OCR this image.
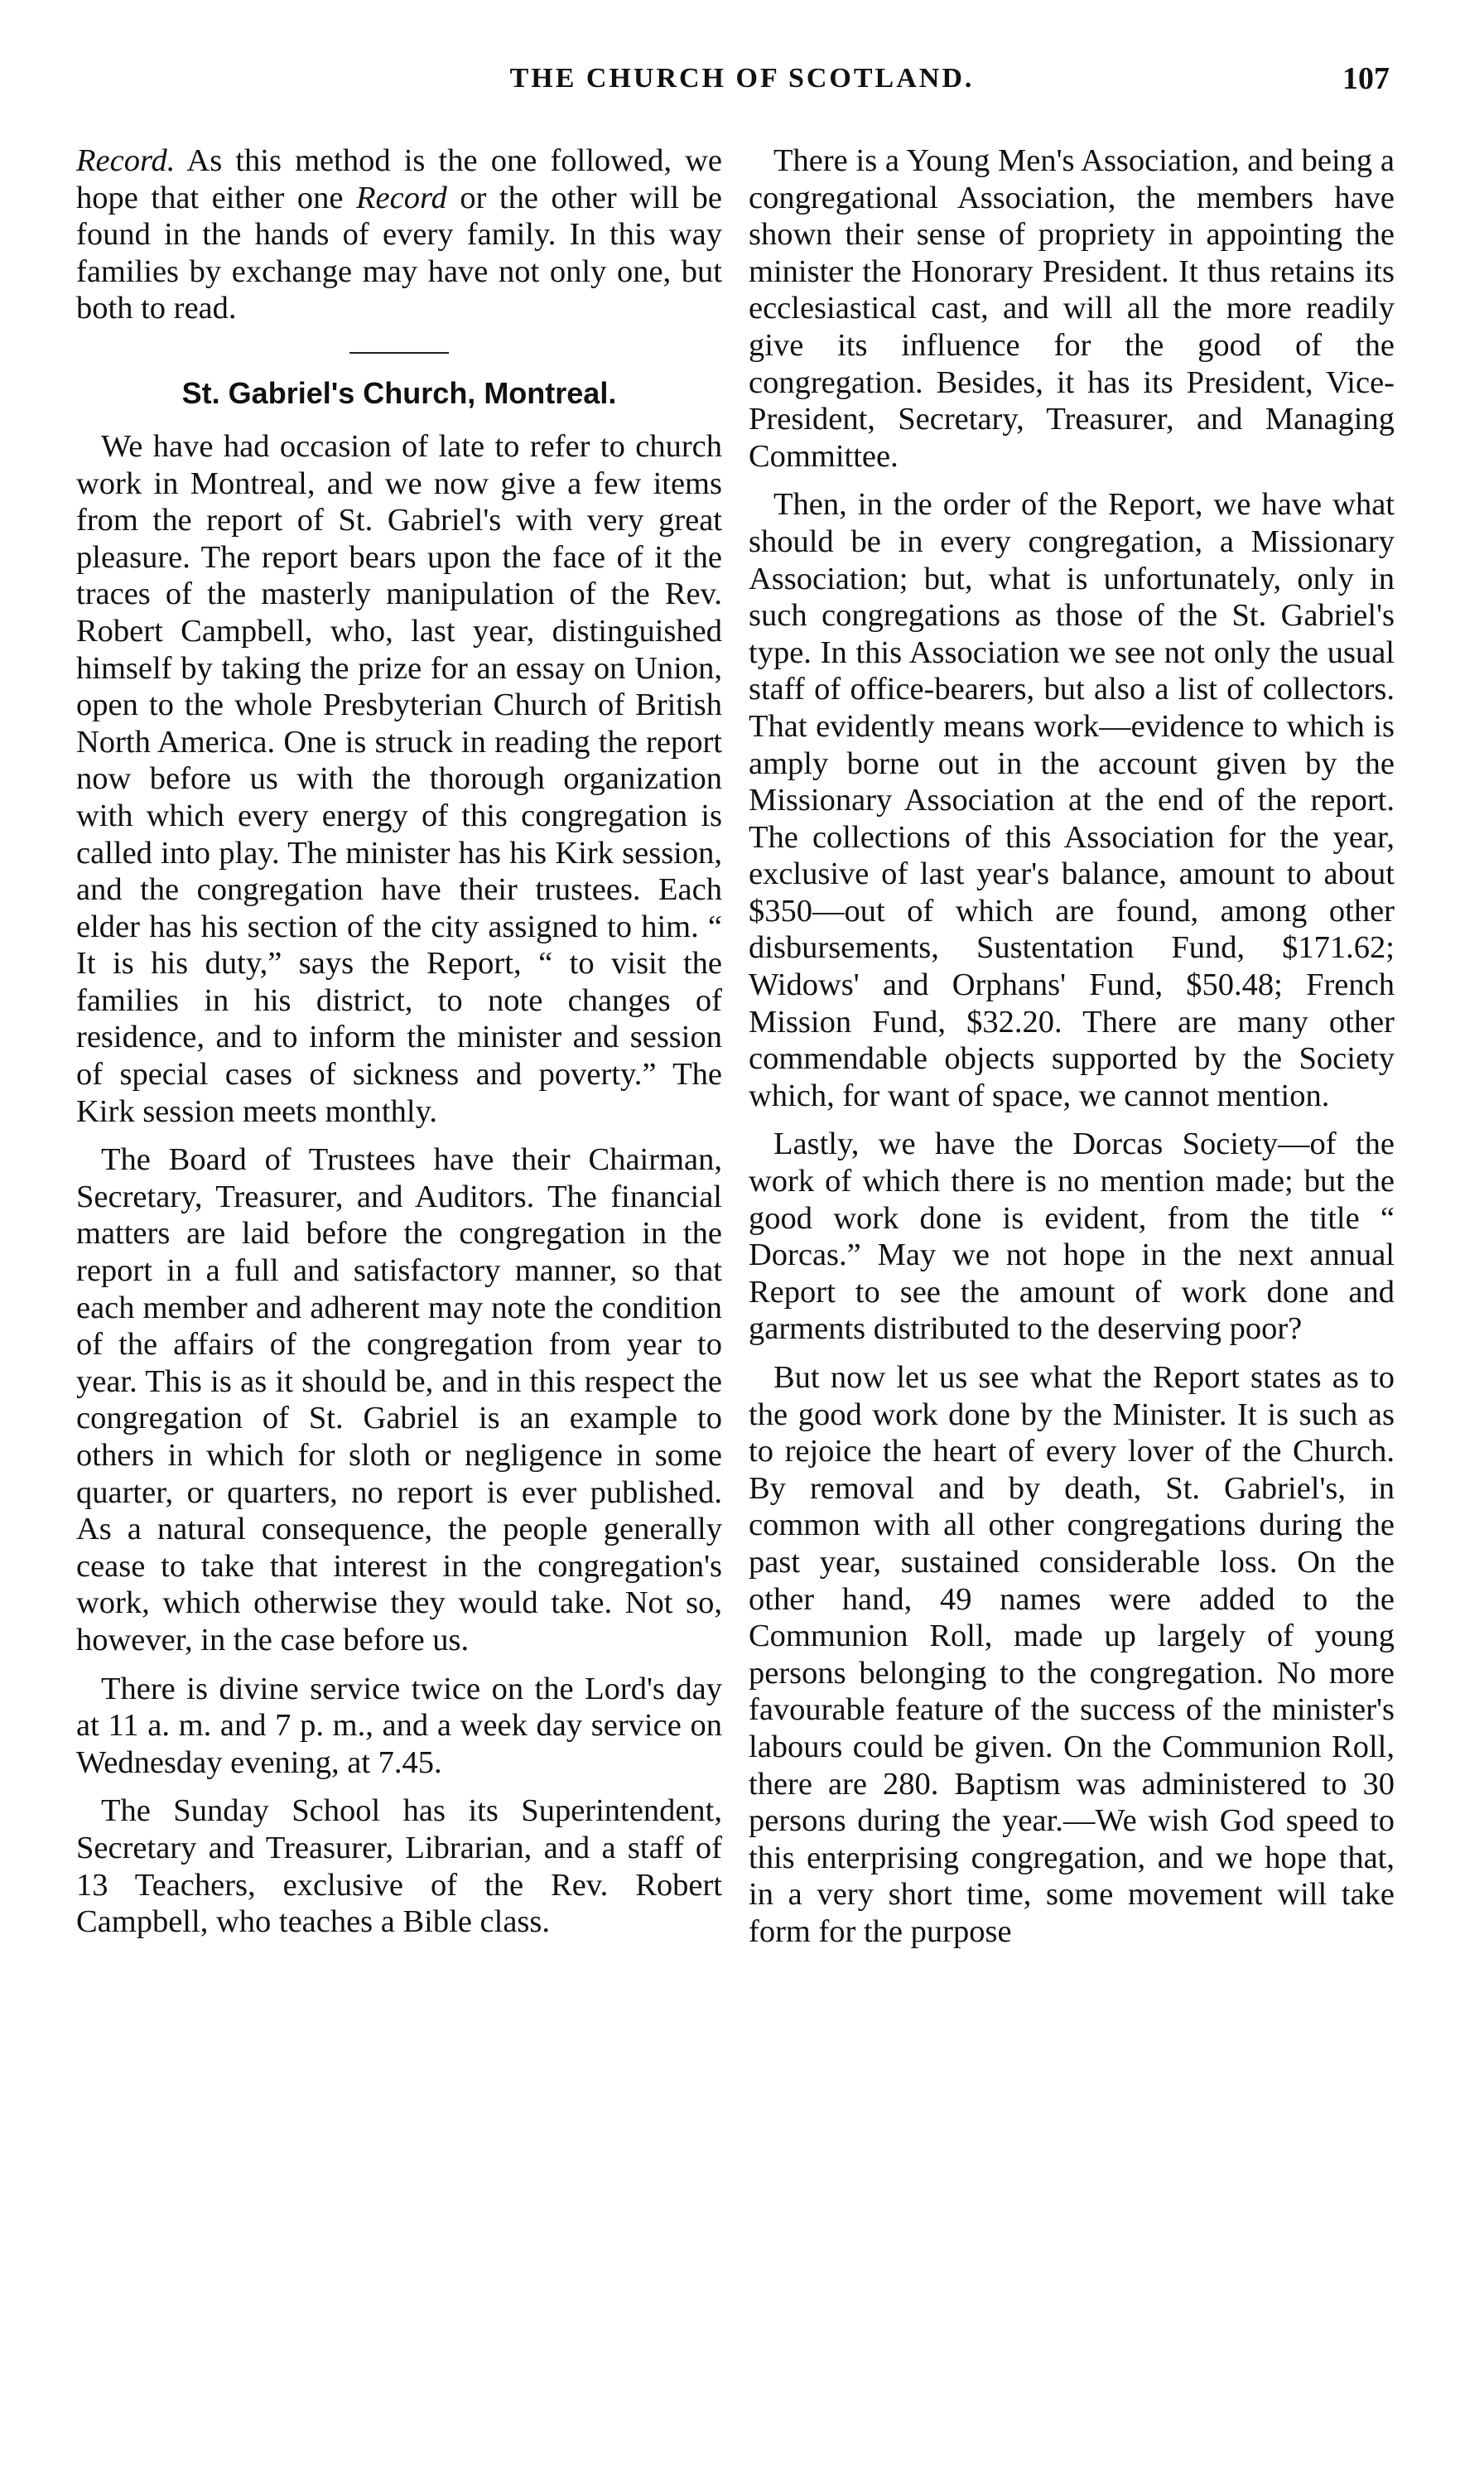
THE CHURCH OF SCOTLAND.	107

Record. As this method is the one followed, we hope that either one Record or the other will be found in the hands of every family. In this way families by exchange may have not only one, but both to read.

St. Gabriel's Church, Montreal.

We have had occasion of late to refer to church work in Montreal, and we now give a few items from the report of St. Gabriel's with very great pleasure. The report bears upon the face of it the traces of the masterly manipulation of the Rev. Robert Campbell, who, last year, distinguished himself by taking the prize for an essay on Union, open to the whole Presbyterian Church of British North America. One is struck in reading the report now before us with the thorough organization with which every energy of this congregation is called into play. The minister has his Kirk session, and the congregation have their trustees. Each elder has his section of the city assigned to him. “ It is his duty,” says the Report, “ to visit the families in his district, to note changes of residence, and to inform the minister and session of special cases of sickness and poverty.” The Kirk session meets monthly.

The Board of Trustees have their Chairman, Secretary, Treasurer, and Auditors. The financial matters are laid before the congregation in the report in a full and satisfactory manner, so that each member and adherent may note the condition of the affairs of the congregation from year to year. This is as it should be, and in this respect the congregation of St. Gabriel is an example to others in which for sloth or negligence in some quarter, or quarters, no report is ever published. As a natural consequence, the people generally cease to take that interest in the congregation's work, which otherwise they would take. Not so, however, in the case before us.

There is divine service twice on the Lord's day at 11 a. m. and 7 p. m., and a week day service on Wednesday evening, at 7.45.

The Sunday School has its Superintendent, Secretary and Treasurer, Librarian, and a staff of 13 Teachers, exclusive of the Rev. Robert Campbell, who teaches a Bible class.

There is a Young Men's Association, and being a congregational Association, the members have shown their sense of propriety in appointing the minister the Honorary President. It thus retains its ecclesiastical cast, and will all the more readily give its influence for the good of the congregation. Besides, it has its President, Vice-President, Secretary, Treasurer, and Managing Committee.

Then, in the order of the Report, we have what should be in every congregation, a Missionary Association; but, what is unfortunately, only in such congregations as those of the St. Gabriel's type. In this Association we see not only the usual staff of office-bearers, but also a list of collectors. That evidently means work—evidence to which is amply borne out in the account given by the Missionary Association at the end of the report. The collections of this Association for the year, exclusive of last year's balance, amount to about $350—out of which are found, among other disbursements, Sustentation Fund, $171.62; Widows' and Orphans' Fund, $50.48; French Mission Fund, $32.20. There are many other commendable objects supported by the Society which, for want of space, we cannot mention.

Lastly, we have the Dorcas Society—of the work of which there is no mention made; but the good work done is evident, from the title “ Dorcas.” May we not hope in the next annual Report to see the amount of work done and garments distributed to the deserving poor?

But now let us see what the Report states as to the good work done by the Minister. It is such as to rejoice the heart of every lover of the Church. By removal and by death, St. Gabriel's, in common with all other congregations during the past year, sustained considerable loss. On the other hand, 49 names were added to the Communion Roll, made up largely of young persons belonging to the congregation. No more favourable feature of the success of the minister's labours could be given. On the Communion Roll, there are 280. Baptism was administered to 30 persons during the year.—We wish God speed to this enterprising congregation, and we hope that, in a very short time, some movement will take form for the purpose
